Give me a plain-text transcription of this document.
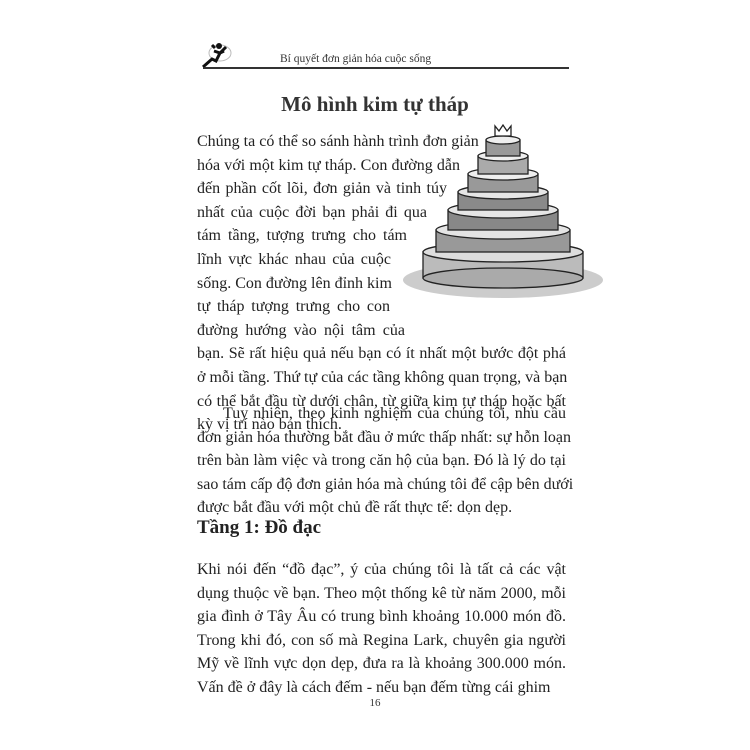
Bí quyết đơn giản hóa cuộc sống
Mô hình kim tự tháp
Chúng ta có thể so sánh hành trình đơn giản
hóa với một kim tự tháp. Con đường dẫn
đến phần cốt lõi, đơn giản và tinh túy
nhất của cuộc đời bạn phải đi qua
tám tầng, tượng trưng cho tám
lĩnh vực khác nhau của cuộc
sống. Con đường lên đỉnh kim
tự tháp tượng trưng cho con
đường hướng vào nội tâm của
bạn. Sẽ rất hiệu quả nếu bạn có ít nhất một bước đột phá
ở mỗi tầng. Thứ tự của các tầng không quan trọng, và bạn
có thể bắt đầu từ dưới chân, từ giữa kim tự tháp hoặc bất
kỳ vị trí nào bạn thích.
Tuy nhiên, theo kinh nghiệm của chúng tôi, nhu cầu
đơn giản hóa thường bắt đầu ở mức thấp nhất: sự hỗn loạn
trên bàn làm việc và trong căn hộ của bạn. Đó là lý do tại
sao tám cấp độ đơn giản hóa mà chúng tôi để cập bên dưới
được bắt đầu với một chủ đề rất thực tế: dọn dẹp.
Tầng 1: Đồ đạc
Khi nói đến “đồ đạc”, ý của chúng tôi là tất cả các vật
dụng thuộc về bạn. Theo một thống kê từ năm 2000, mỗi
gia đình ở Tây Âu có trung bình khoảng 10.000 món đồ.
Trong khi đó, con số mà Regina Lark, chuyên gia người
Mỹ về lĩnh vực dọn dẹp, đưa ra là khoảng 300.000 món.
Vấn đề ở đây là cách đếm - nếu bạn đếm từng cái ghim
16
